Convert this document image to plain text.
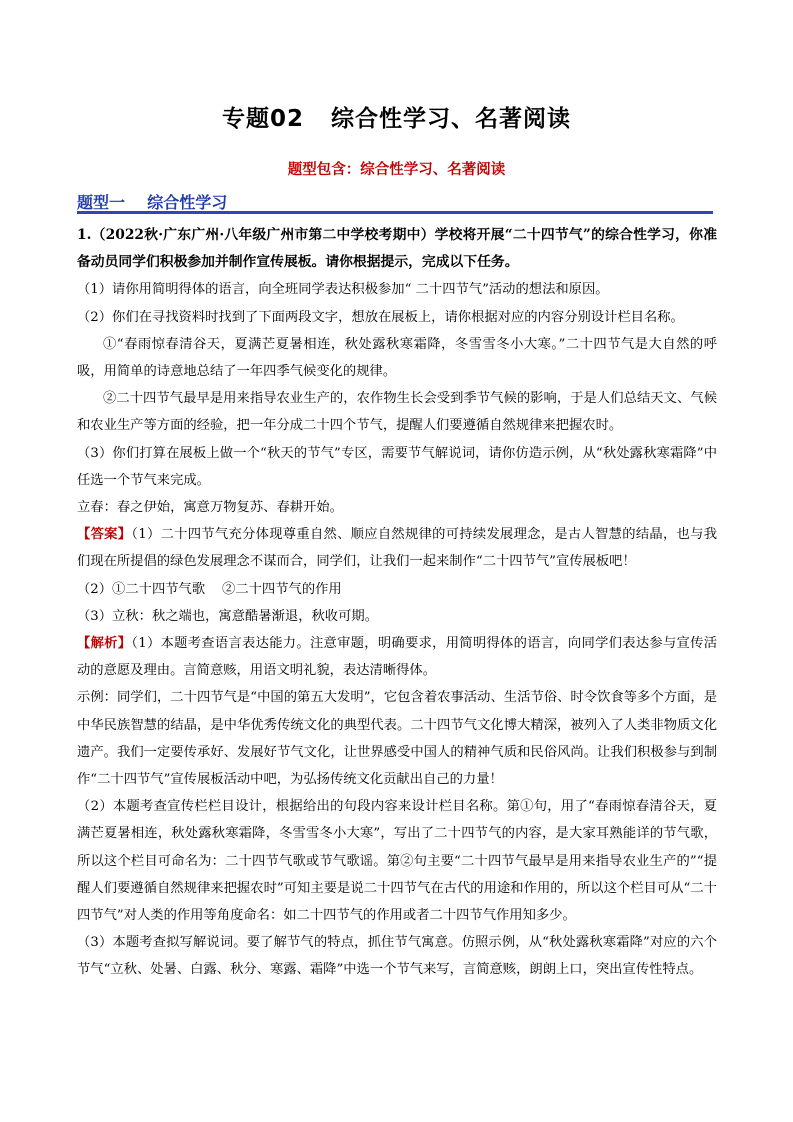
专题02   综合性学习、名著阅读
题型包含：综合性学习、名著阅读

题型一    综合性学习

1.（2022秋·广东广州·八年级广州市第二中学校考期中）学校将开展“二十四节气”的综合性学习，你准备动员同学们积极参加并制作宣传展板。请你根据提示，完成以下任务。

（1）请你用简明得体的语言，向全班同学表达积极参加“ 二十四节气”活动的想法和原因。

（2）你们在寻找资料时找到了下面两段文字，想放在展板上，请你根据对应的内容分别设计栏目名称。

①“春雨惊春清谷天，夏满芒夏暑相连，秋处露秋寒霜降，冬雪雪冬小大寒。”二十四节气是大自然的呼吸，用简单的诗意地总结了一年四季气候变化的规律。

②二十四节气最早是用来指导农业生产的，农作物生长会受到季节气候的影响，于是人们总结天文、气候和农业生产等方面的经验，把一年分成二十四个节气，提醒人们要遵循自然规律来把握农时。

（3）你们打算在展板上做一个“秋天的节气”专区，需要节气解说词，请你仿造示例，从“秋处露秋寒霜降”中任选一个节气来完成。

立春：春之伊始，寓意万物复苏、春耕开始。

【答案】（1）二十四节气充分体现尊重自然、顺应自然规律的可持续发展理念，是古人智慧的结晶，也与我们现在所提倡的绿色发展理念不谋而合，同学们，让我们一起来制作“二十四节气”宣传展板吧！

（2）①二十四节气歌    ②二十四节气的作用

（3）立秋：秋之端也，寓意酷暑渐退，秋收可期。

【解析】（1）本题考查语言表达能力。注意审题，明确要求，用简明得体的语言，向同学们表达参与宣传活动的意愿及理由。言简意赅，用语文明礼貌，表达清晰得体。

示例：同学们，二十四节气是“中国的第五大发明”，它包含着农事活动、生活节俗、时令饮食等多个方面，是中华民族智慧的结晶，是中华优秀传统文化的典型代表。二十四节气文化博大精深，被列入了人类非物质文化遗产。我们一定要传承好、发展好节气文化，让世界感受中国人的精神气质和民俗风尚。让我们积极参与到制作“二十四节气”宣传展板活动中吧，为弘扬传统文化贡献出自己的力量！

（2）本题考查宣传栏栏目设计，根据给出的句段内容来设计栏目名称。第①句，用了“春雨惊春清谷天，夏满芒夏暑相连，秋处露秋寒霜降，冬雪雪冬小大寒”，写出了二十四节气的内容，是大家耳熟能详的节气歌，所以这个栏目可命名为：二十四节气歌或节气歌谣。第②句主要“二十四节气最早是用来指导农业生产的”“提醒人们要遵循自然规律来把握农时”可知主要是说二十四节气在古代的用途和作用的，所以这个栏目可从“二十四节气”对人类的作用等角度命名：如二十四节气的作用或者二十四节气作用知多少。

（3）本题考查拟写解说词。要了解节气的特点，抓住节气寓意。仿照示例，从“秋处露秋寒霜降”对应的六个节气“立秋、处暑、白露、秋分、寒露、霜降”中选一个节气来写，言简意赅，朗朗上口，突出宣传性特点。
